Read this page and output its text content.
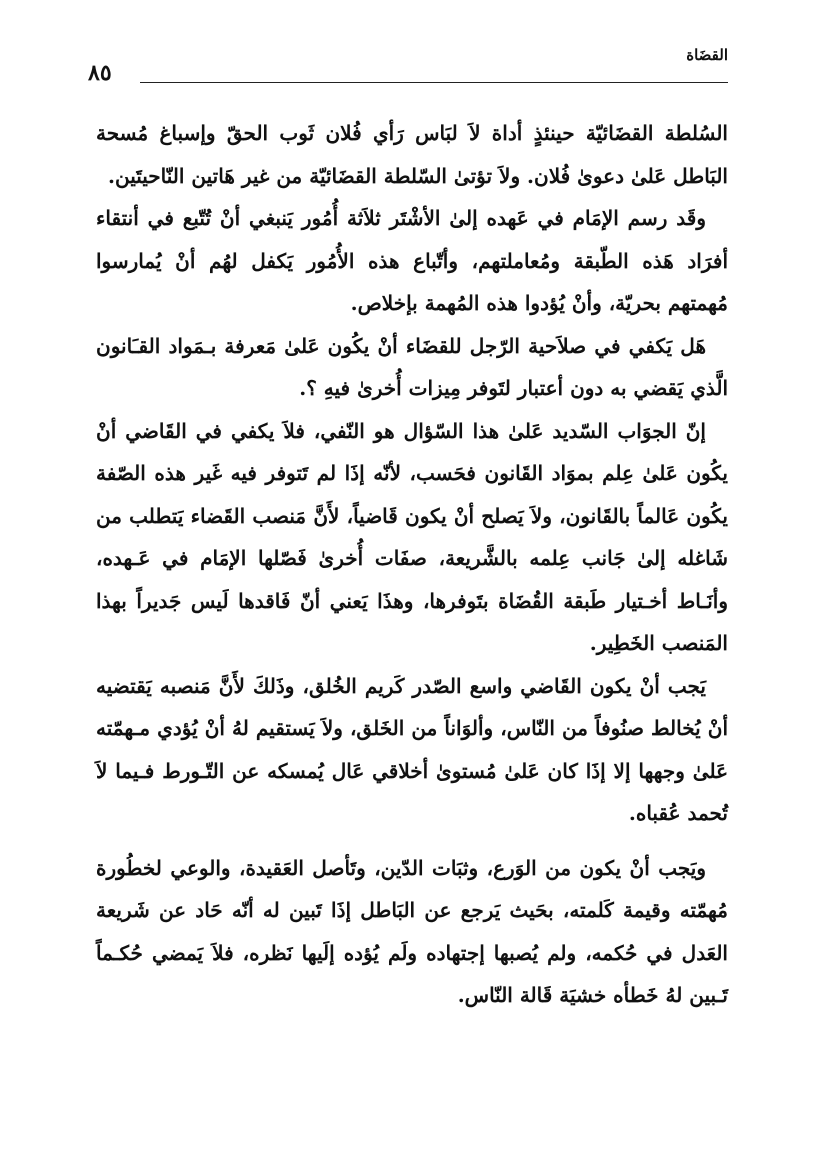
القضَاة
٨٥

السُلطة القضَائيّة حينئذٍ أداة لاَ لبَاس رَأي فُلان ثَوب الحقّ وإسباغ مُسحة البَاطل عَلىٰ دعوىٰ فُلان. ولاَ تؤتىٰ السّلطة القضَائيّة من غير هَاتين النّاحيتَين.

وقَد رسم الإمَام في عَهده إلىٰ الأشْتَر ثلاَثة أُمُور يَنبغي أنْ تُتّبع في أنتقاء أفرَاد هَذه الطّبقة ومُعاملتهم، وأتّباع هذه الأُمُور يَكفل لهُم أنْ يُمارسوا مُهمتهم بحريّة، وأنْ يُؤدوا هذه المُهمة بإخلاص.

هَل يَكفي في صلاَحية الرّجل للقضَاء أنْ يكُون عَلىٰ مَعرفة بـمَواد القـَانون الَّذي يَقضي به دون أعتبار لتَوفر مِيزات أُخرىٰ فيهِ ؟.

إنّ الجوَاب السّديد عَلىٰ هذا السّؤال هو النّفي، فلاَ يكفي في القَاضي أنْ يكُون عَلىٰ عِلم بموَاد القَانون فحَسب، لأنّه إذَا لم تَتوفر فيه غَير هذه الصّفة يكُون عَالماً بالقَانون، ولاَ يَصلح أنْ يكون قَاضياً، لأَنَّ مَنصب القَضاء يَتطلب من شَاغله إلىٰ جَانب عِلمه بالشَّريعة، صفَات أُخرىٰ فَصّلها الإمَام في عَـهده، وأنَـاط أخـتيار طَبقة القُضَاة بتَوفرها، وهذَا يَعني أنّ فَاقدها لَيس جَديراً بهذا المَنصب الخَطِير.

يَجب أنْ يكون القَاضي واسع الصّدر كَريم الخُلق، وذَلكَ لأَنَّ مَنصبه يَقتضيه أنْ يُخالط صنُوفاً من النّاس، وألوَاناً من الخَلق، ولاَ يَستقيم لهُ أنْ يُؤدي مـهمّته عَلىٰ وجهها إلا إذَا كان عَلىٰ مُستوىٰ أخلاقي عَال يُمسكه عن التّـورط فـيما لاَ تُحمد عُقباه.

ويَجب أنْ يكون من الوَرع، وثبَات الدّين، وتَأصل العَقيدة، والوعي لخطُورة مُهمّته وقيمة كَلمته، بحَيث يَرجع عن البَاطل إذَا تَبين له أنّه حَاد عن شَريعة العَدل في حُكمه، ولم يُصبها إجتهاده ولَم يُؤده إلَيها نَظره، فلاَ يَمضي حُكـماً تَـبين لهُ خَطأه خشيَة قَالة النّاس.
